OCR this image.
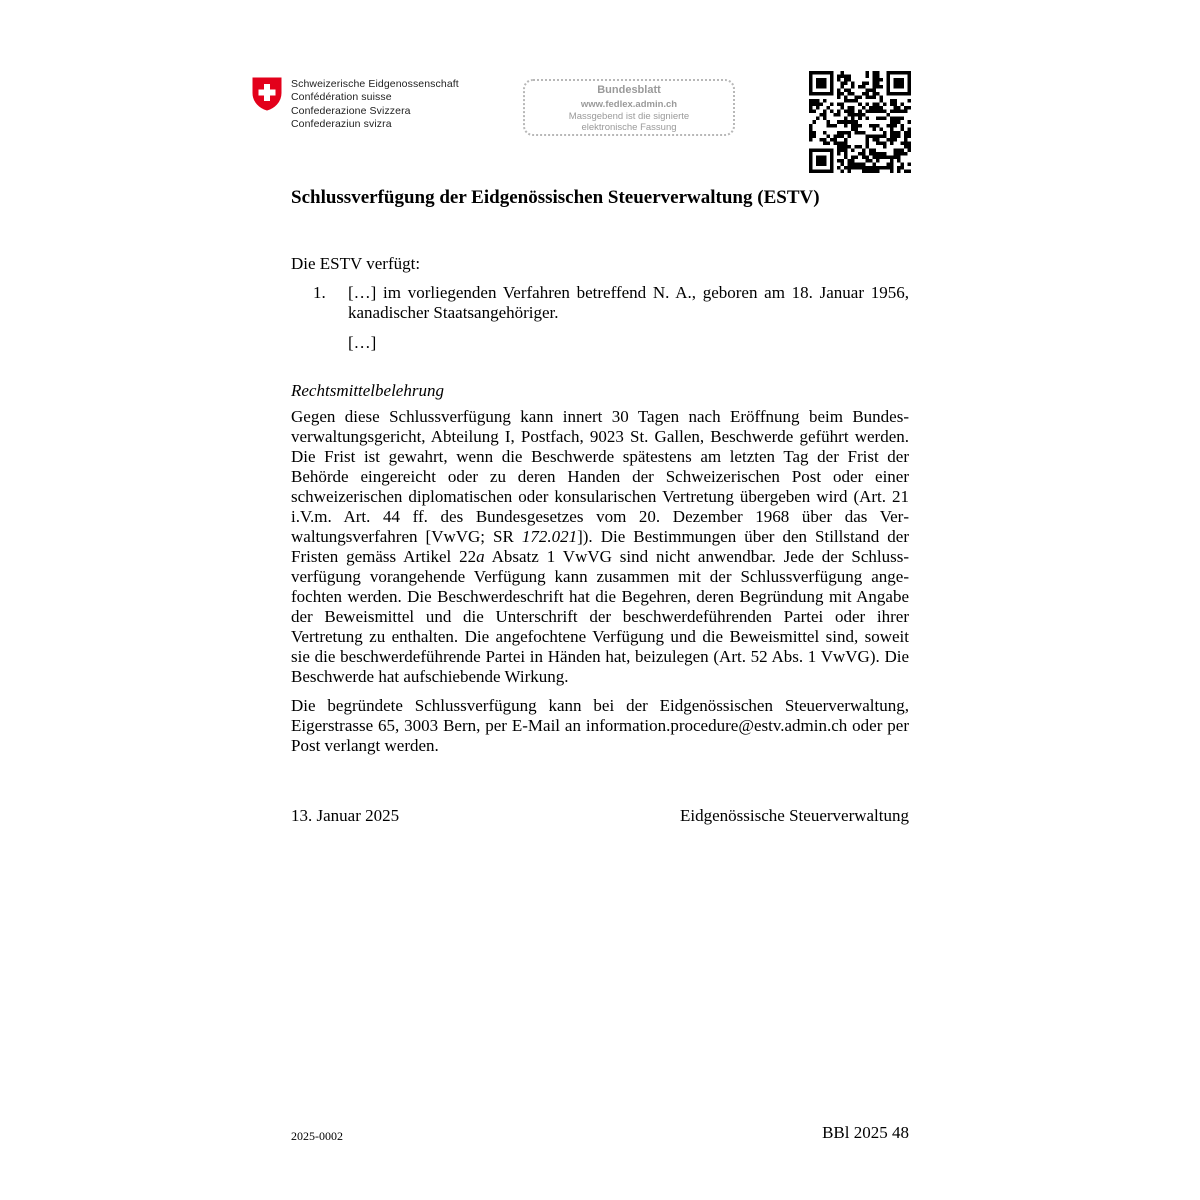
Schweizerische Eidgenossenschaft
Confédération suisse
Confederazione Svizzera
Confederaziun svizra
Bundesblatt
www.fedlex.admin.ch
Massgebend ist die signierte
elektronische Fassung
Schlussverfügung der Eidgenössischen Steuerverwaltung (ESTV)

Die ESTV verfügt:

1. […] im vorliegenden Verfahren betreffend N. A., geboren am 18. Januar 1956, kanadischer Staatsangehöriger.
[…]
Rechtsmittelbelehrung

Gegen diese Schlussverfügung kann innert 30 Tagen nach Eröffnung beim Bundesverwaltungsgericht, Abteilung I, Postfach, 9023 St. Gallen, Beschwerde geführt werden. Die Frist ist gewahrt, wenn die Beschwerde spätestens am letzten Tag der Frist der Behörde eingereicht oder zu deren Handen der Schweizerischen Post oder einer schweizerischen diplomatischen oder konsularischen Vertretung übergeben wird (Art. 21 i.V.m. Art. 44 ff. des Bundesgesetzes vom 20. Dezember 1968 über das Verwaltungsverfahren [VwVG; SR 172.021]). Die Bestimmungen über den Stillstand der Fristen gemäss Artikel 22a Absatz 1 VwVG sind nicht anwendbar. Jede der Schlussverfügung vorangehende Verfügung kann zusammen mit der Schlussverfügung angefochten werden. Die Beschwerdeschrift hat die Begehren, deren Begründung mit Angabe der Beweismittel und die Unterschrift der beschwerdeführenden Partei oder ihrer Vertretung zu enthalten. Die angefochtene Verfügung und die Beweismittel sind, soweit sie die beschwerdeführende Partei in Händen hat, beizulegen (Art. 52 Abs. 1 VwVG). Die Beschwerde hat aufschiebende Wirkung.

Die begründete Schlussverfügung kann bei der Eidgenössischen Steuerverwaltung, Eigerstrasse 65, 3003 Bern, per E-Mail an information.procedure@estv.admin.ch oder per Post verlangt werden.

13. Januar 2025	Eidgenössische Steuerverwaltung
2025-0002	BBl 2025 48
